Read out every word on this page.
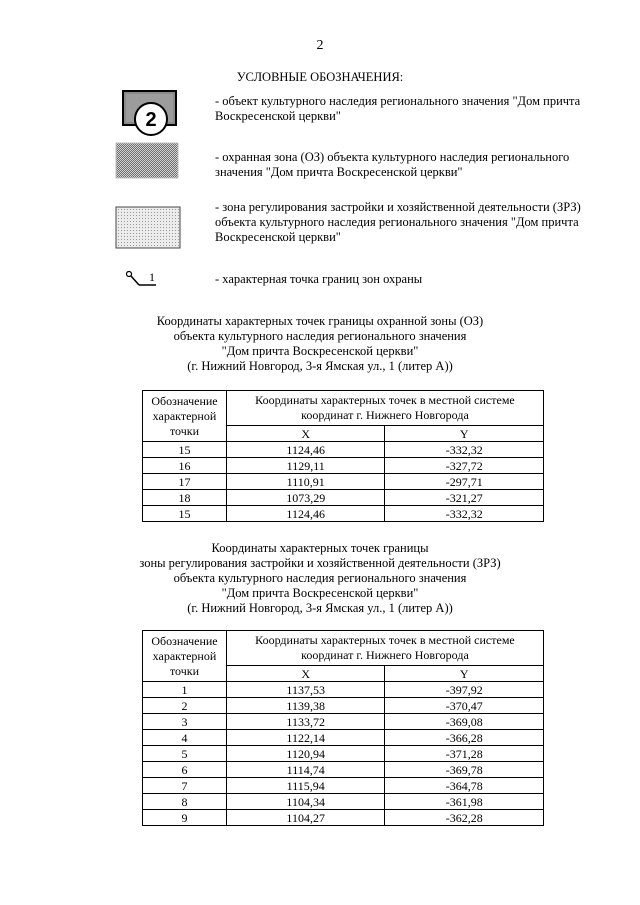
2
УСЛОВНЫЕ ОБОЗНАЧЕНИЯ:
2
- объект культурного наследия регионального значения "Дом причта Воскресенской церкви"
- охранная зона (ОЗ) объекта культурного наследия регионального значения "Дом причта Воскресенской церкви"
- зона регулирования застройки и хозяйственной деятельности (ЗРЗ) объекта культурного наследия регионального значения "Дом причта Воскресенской церкви"
1	- характерная точка границ зон охраны
Координаты характерных точек границы охранной зоны (ОЗ)
объекта культурного наследия регионального значения
"Дом причта Воскресенской церкви"
(г. Нижний Новгород, 3-я Ямская ул., 1 (литер А))
Обозначение характерной точки	Координаты характерных точек в местной системе координат г. Нижнего Новгорода	
	X	Y
15	1124,46	-332,32
16	1129,11	-327,72
17	1110,91	-297,71
18	1073,29	-321,27
15	1124,46	-332,32
Координаты характерных точек границы
зоны регулирования застройки и хозяйственной деятельности (ЗРЗ)
объекта культурного наследия регионального значения
"Дом причта Воскресенской церкви"
(г. Нижний Новгород, 3-я Ямская ул., 1 (литер А))
Обозначение характерной точки	Координаты характерных точек в местной системе координат г. Нижнего Новгорода	
	X	Y
1	1137,53	-397,92
2	1139,38	-370,47
3	1133,72	-369,08
4	1122,14	-366,28
5	1120,94	-371,28
6	1114,74	-369,78
7	1115,94	-364,78
8	1104,34	-361,98
9	1104,27	-362,28
